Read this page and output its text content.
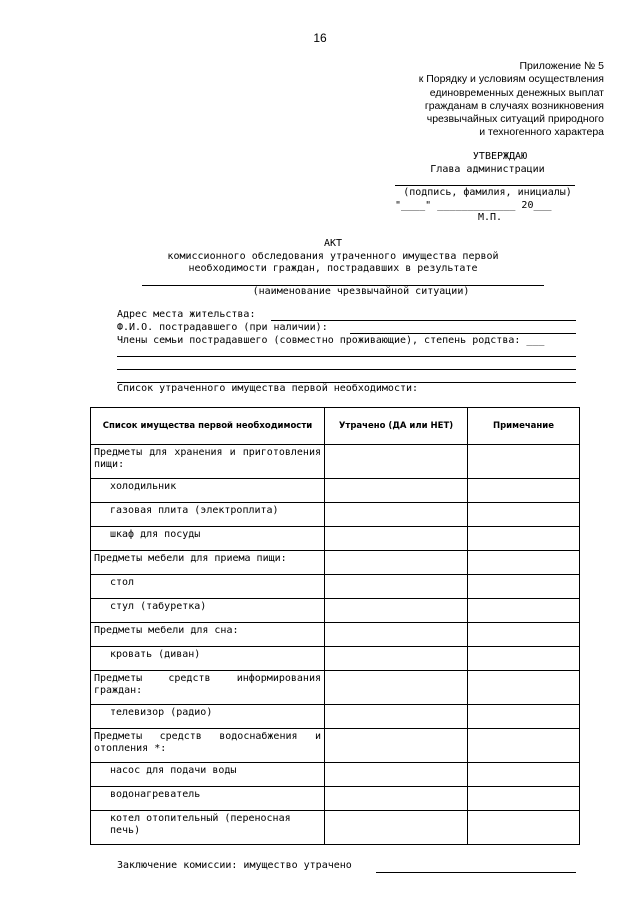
16
Приложение № 5
к Порядку и условиям осуществления
единовременных денежных выплат
гражданам в случаях возникновения
чрезвычайных ситуаций природного
и техногенного характера
УТВЕРЖДАЮ
Глава администрации
(подпись, фамилия, инициалы)
"____" _____________ 20___
М.П.
АКТ
комиссионного обследования утраченного имущества первой
необходимости граждан, пострадавших в результате
(наименование чрезвычайной ситуации)
Адрес места жительства:
Ф.И.О. пострадавшего (при наличии):
Члены семьи пострадавшего (совместно проживающие), степень родства: ___
Список утраченного имущества первой необходимости:
Список имущества первой необходимости	Утрачено (ДА или НЕТ)	Примечание
Предметы для хранения и приготовления пищи:		
холодильник		
газовая плита (электроплита)		
шкаф для посуды		
Предметы мебели для приема пищи:		
стол		
стул (табуретка)		
Предметы мебели для сна:		
кровать (диван)		
Предметы средств информирования граждан:		
телевизор (радио)		
Предметы средств водоснабжения и отопления *:		
насос для подачи воды		
водонагреватель		
котел отопительный (переносная печь)		
Заключение комиссии: имущество утрачено
